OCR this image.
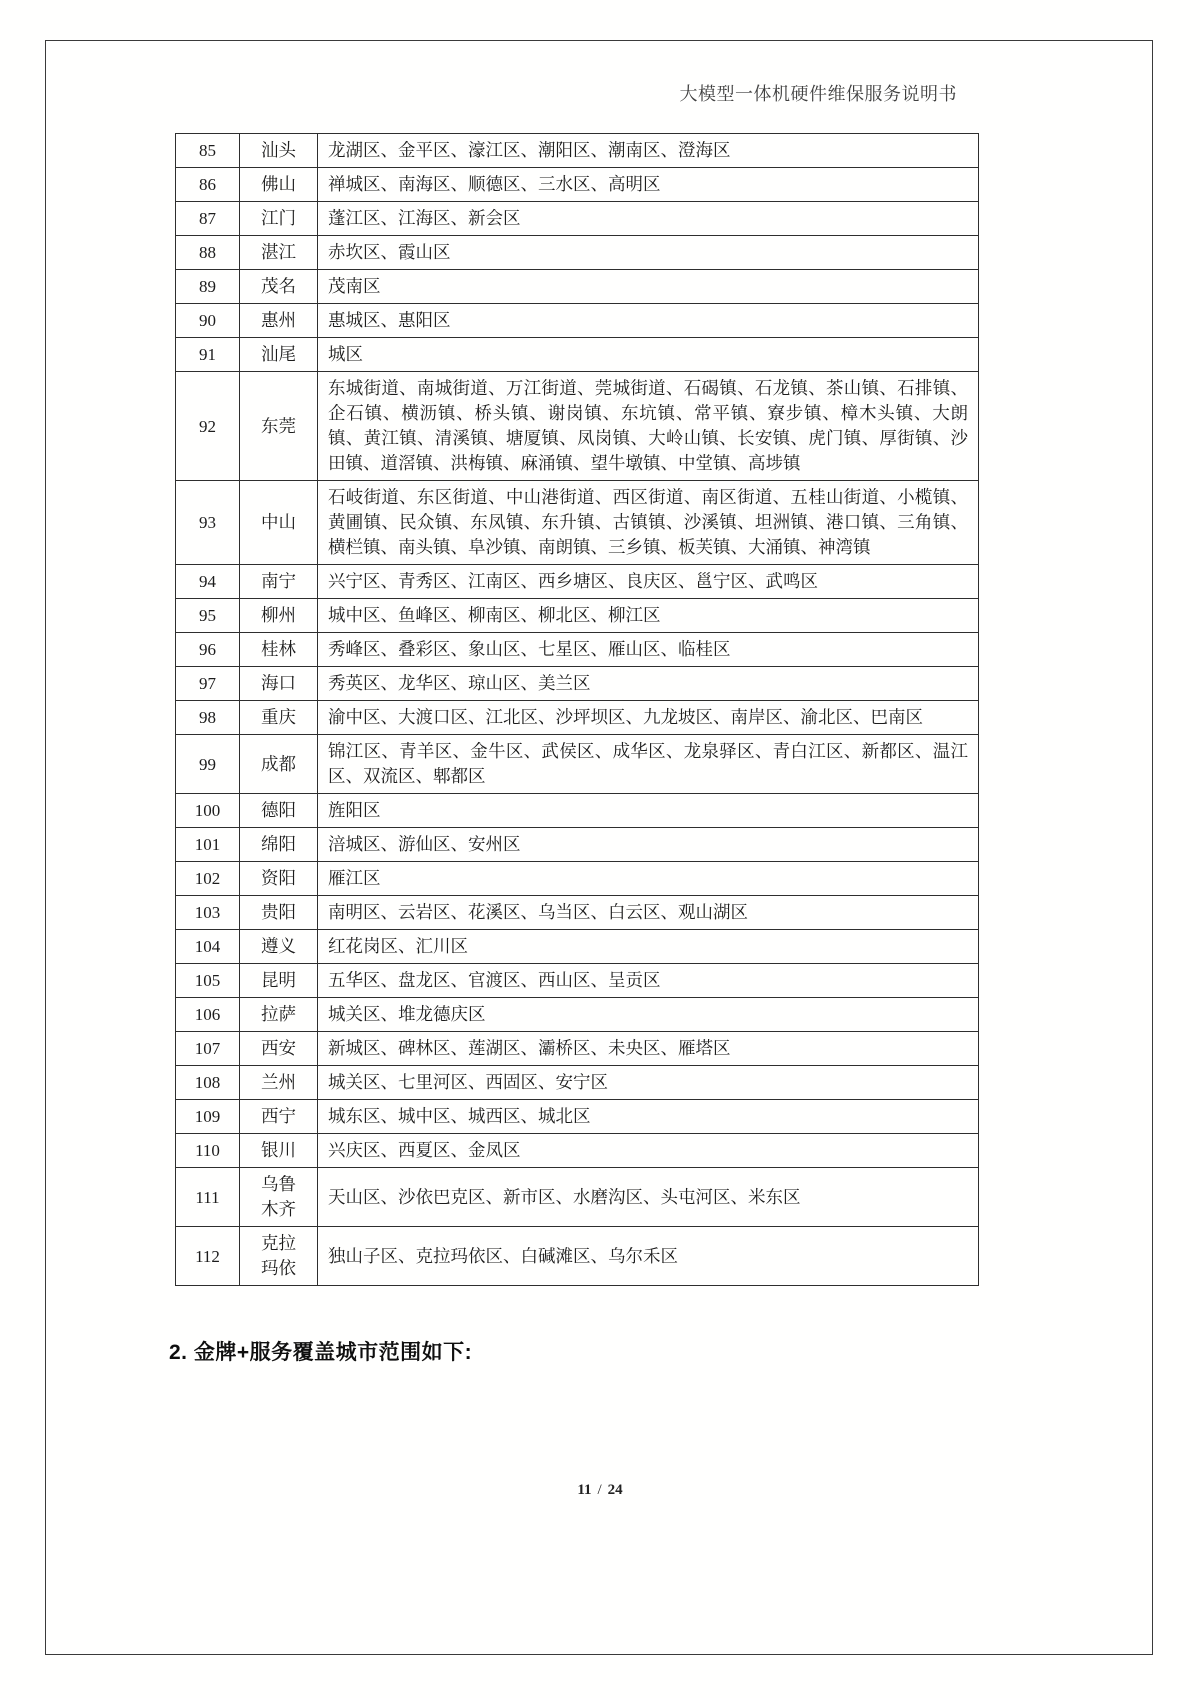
大模型一体机硬件维保服务说明书
85	汕头	龙湖区、金平区、濠江区、潮阳区、潮南区、澄海区
86	佛山	禅城区、南海区、顺德区、三水区、高明区
87	江门	蓬江区、江海区、新会区
88	湛江	赤坎区、霞山区
89	茂名	茂南区
90	惠州	惠城区、惠阳区
91	汕尾	城区
92	东莞	东城街道、南城街道、万江街道、莞城街道、石碣镇、石龙镇、茶山镇、石排镇、企石镇、横沥镇、桥头镇、谢岗镇、东坑镇、常平镇、寮步镇、樟木头镇、大朗镇、黄江镇、清溪镇、塘厦镇、凤岗镇、大岭山镇、长安镇、虎门镇、厚街镇、沙田镇、道滘镇、洪梅镇、麻涌镇、望牛墩镇、中堂镇、高埗镇
93	中山	石岐街道、东区街道、中山港街道、西区街道、南区街道、五桂山街道、小榄镇、黄圃镇、民众镇、东凤镇、东升镇、古镇镇、沙溪镇、坦洲镇、港口镇、三角镇、横栏镇、南头镇、阜沙镇、南朗镇、三乡镇、板芙镇、大涌镇、神湾镇
94	南宁	兴宁区、青秀区、江南区、西乡塘区、良庆区、邕宁区、武鸣区
95	柳州	城中区、鱼峰区、柳南区、柳北区、柳江区
96	桂林	秀峰区、叠彩区、象山区、七星区、雁山区、临桂区
97	海口	秀英区、龙华区、琼山区、美兰区
98	重庆	渝中区、大渡口区、江北区、沙坪坝区、九龙坡区、南岸区、渝北区、巴南区
99	成都	锦江区、青羊区、金牛区、武侯区、成华区、龙泉驿区、青白江区、新都区、温江区、双流区、郫都区
100	德阳	旌阳区
101	绵阳	涪城区、游仙区、安州区
102	资阳	雁江区
103	贵阳	南明区、云岩区、花溪区、乌当区、白云区、观山湖区
104	遵义	红花岗区、汇川区
105	昆明	五华区、盘龙区、官渡区、西山区、呈贡区
106	拉萨	城关区、堆龙德庆区
107	西安	新城区、碑林区、莲湖区、灞桥区、未央区、雁塔区
108	兰州	城关区、七里河区、西固区、安宁区
109	西宁	城东区、城中区、城西区、城北区
110	银川	兴庆区、西夏区、金凤区
111	乌鲁木齐	天山区、沙依巴克区、新市区、水磨沟区、头屯河区、米东区
112	克拉玛依	独山子区、克拉玛依区、白碱滩区、乌尔禾区
2. 金牌+服务覆盖城市范围如下:
11 / 24
